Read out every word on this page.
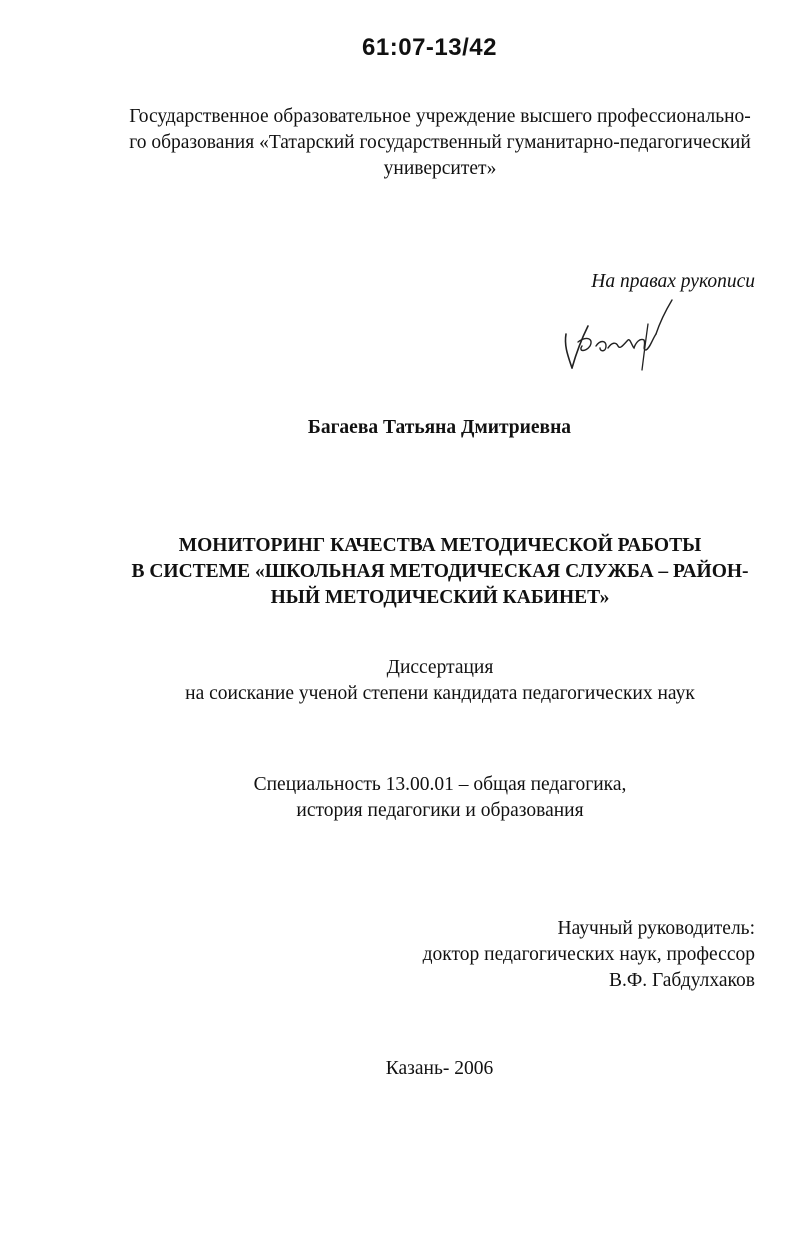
61:07-13/42
Государственное образовательное учреждение высшего профессионально-
го образования «Татарский государственный гуманитарно-педагогический
университет»
На правах рукописи
Багаева Татьяна Дмитриевна
МОНИТОРИНГ КАЧЕСТВА МЕТОДИЧЕСКОЙ РАБОТЫ
В СИСТЕМЕ «ШКОЛЬНАЯ МЕТОДИЧЕСКАЯ СЛУЖБА – РАЙОН-
НЫЙ МЕТОДИЧЕСКИЙ КАБИНЕТ»
Диссертация
на соискание ученой степени кандидата педагогических наук
Специальность 13.00.01 – общая педагогика,
история педагогики и образования
Научный руководитель:
доктор педагогических наук, профессор
В.Ф. Габдулхаков
Казань- 2006
